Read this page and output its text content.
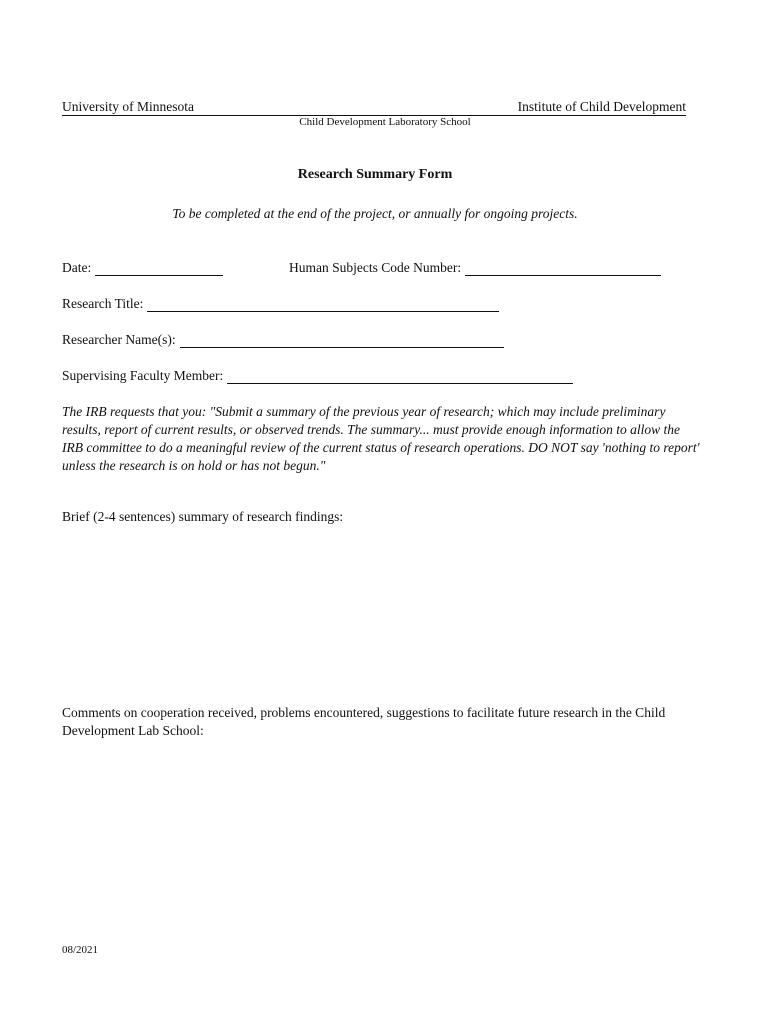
University of Minnesota	Institute of Child Development
Child Development Laboratory School
Research Summary Form
To be completed at the end of the project, or annually for ongoing projects.
Date:	Human Subjects Code Number:
Research Title:
Researcher Name(s):
Supervising Faculty Member:
The IRB requests that you: "Submit a summary of the previous year of research; which may include preliminary results, report of current results, or observed trends. The summary... must provide enough information to allow the IRB committee to do a meaningful review of the current status of research operations. DO NOT say 'nothing to report' unless the research is on hold or has not begun."
Brief (2-4 sentences) summary of research findings:
Comments on cooperation received, problems encountered, suggestions to facilitate future research in the Child Development Lab School:
08/2021
